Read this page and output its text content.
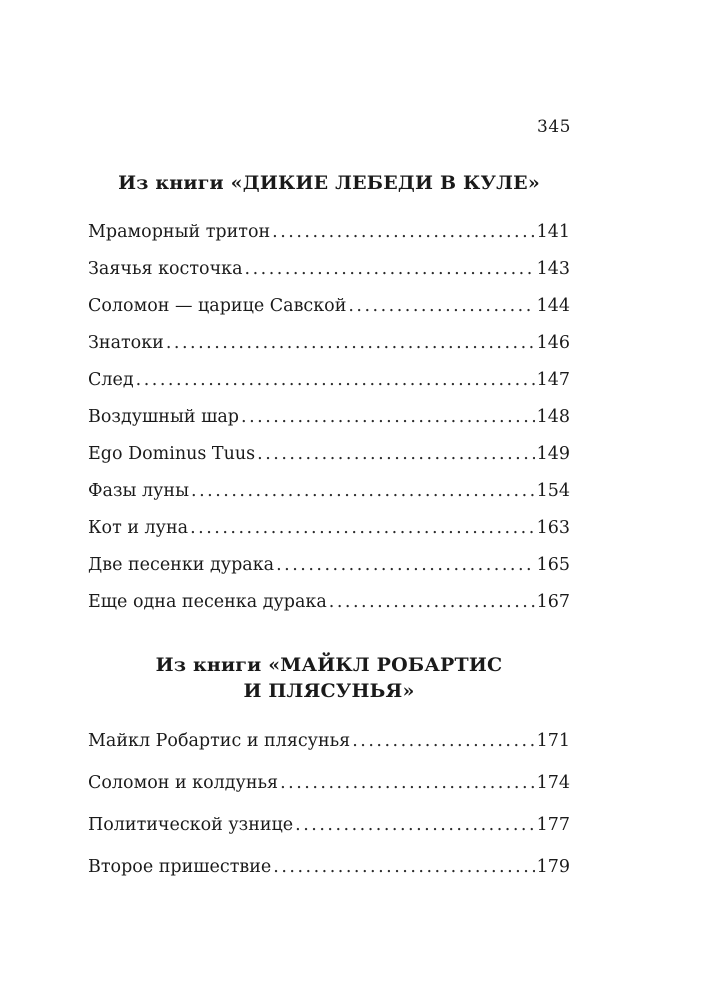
345
Из книги «ДИКИЕ ЛЕБЕДИ В КУЛЕ»
Мраморный тритон .....	141
Заячья косточка .....	143
Соломон — царице Савской .....	144
Знатоки .....	146
След .....	147
Воздушный шар .....	148
Ego Dominus Tuus .....	149
Фазы луны .....	154
Кот и луна .....	163
Две песенки дурака .....	165
Еще одна песенка дурака .....	167
Из книги «МАЙКЛ РОБАРТИС
И ПЛЯСУНЬЯ»
Майкл Робартис и плясунья .....	171
Соломон и колдунья .....	174
Политической узнице .....	177
Второе пришествие .....	179
